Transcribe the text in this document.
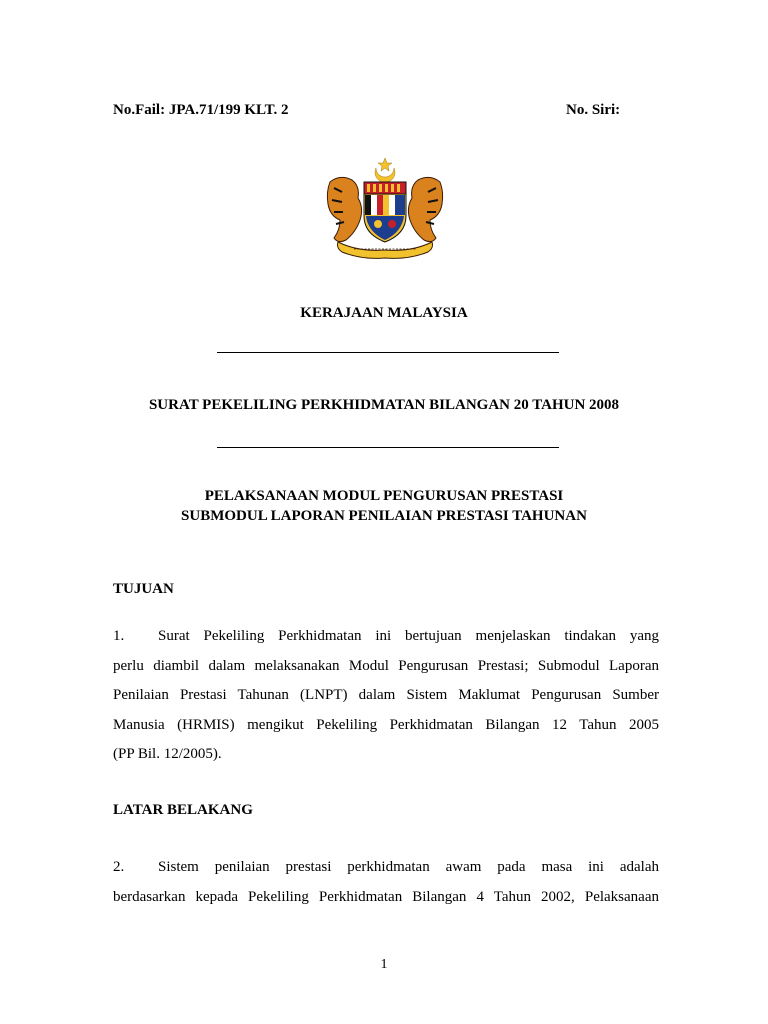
No.Fail: JPA.71/199 KLT. 2	No. Siri:
KERAJAAN MALAYSIA
SURAT PEKELILING PERKHIDMATAN BILANGAN 20 TAHUN 2008
PELAKSANAAN MODUL PENGURUSAN PRESTASI
SUBMODUL LAPORAN PENILAIAN PRESTASI TAHUNAN
TUJUAN
1. Surat Pekeliling Perkhidmatan ini bertujuan menjelaskan tindakan yang
perlu diambil dalam melaksanakan Modul Pengurusan Prestasi; Submodul Laporan
Penilaian Prestasi Tahunan (LNPT) dalam Sistem Maklumat Pengurusan Sumber
Manusia (HRMIS) mengikut Pekeliling Perkhidmatan Bilangan 12 Tahun 2005
(PP Bil. 12/2005).
LATAR BELAKANG
2. Sistem penilaian prestasi perkhidmatan awam pada masa ini adalah
berdasarkan kepada Pekeliling Perkhidmatan Bilangan 4 Tahun 2002, Pelaksanaan
1
